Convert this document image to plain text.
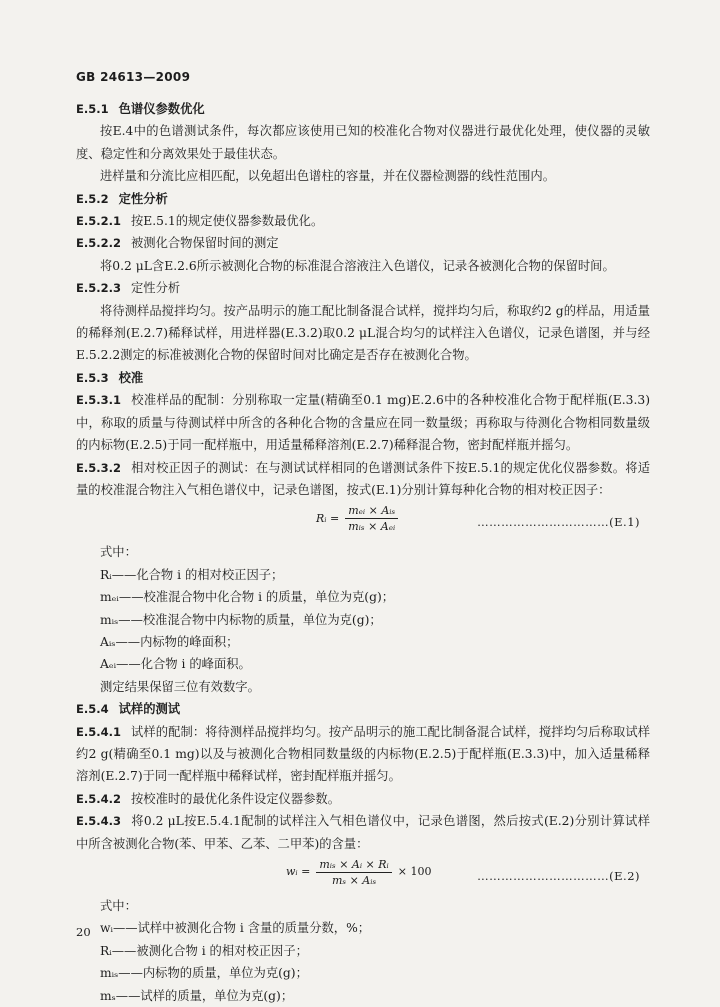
GB 24613—2009
E.5.1 色谱仪参数优化
按E.4中的色谱测试条件，每次都应该使用已知的校准化合物对仪器进行最优化处理，使仪器的灵敏度、稳定性和分离效果处于最佳状态。
进样量和分流比应相匹配，以免超出色谱柱的容量，并在仪器检测器的线性范围内。
E.5.2 定性分析
E.5.2.1 按E.5.1的规定使仪器参数最优化。
E.5.2.2 被测化合物保留时间的测定
将0.2 μL含E.2.6所示被测化合物的标准混合溶液注入色谱仪，记录各被测化合物的保留时间。
E.5.2.3 定性分析
将待测样品搅拌均匀。按产品明示的施工配比制备混合试样，搅拌均匀后，称取约2 g的样品，用适量的稀释剂(E.2.7)稀释试样，用进样器(E.3.2)取0.2 μL混合均匀的试样注入色谱仪，记录色谱图，并与经E.5.2.2测定的标准被测化合物的保留时间对比确定是否存在被测化合物。
E.5.3 校准
E.5.3.1 校准样品的配制：分别称取一定量(精确至0.1 mg)E.2.6中的各种校准化合物于配样瓶(E.3.3)中，称取的质量与待测试样中所含的各种化合物的含量应在同一数量级；再称取与待测化合物相同数量级的内标物(E.2.5)于同一配样瓶中，用适量稀释溶剂(E.2.7)稀释混合物，密封配样瓶并摇匀。
E.5.3.2 相对校正因子的测试：在与测试试样相同的色谱测试条件下按E.5.1的规定优化仪器参数。将适量的校准混合物注入气相色谱仪中，记录色谱图，按式(E.1)分别计算每种化合物的相对校正因子：
Rᵢ = $\frac{\text{mₑᵢ × Aᵢₛ}}{\text{mᵢₛ × Aₑᵢ}}$	……………………………(E.1)
式中：
Rᵢ——化合物 i 的相对校正因子；
mₑᵢ——校准混合物中化合物 i 的质量，单位为克(g)；
mᵢₛ——校准混合物中内标物的质量，单位为克(g)；
Aᵢₛ——内标物的峰面积；
Aₑᵢ——化合物 i 的峰面积。
测定结果保留三位有效数字。
E.5.4 试样的测试
E.5.4.1 试样的配制：将待测样品搅拌均匀。按产品明示的施工配比制备混合试样，搅拌均匀后称取试样约2 g(精确至0.1 mg)以及与被测化合物相同数量级的内标物(E.2.5)于配样瓶(E.3.3)中，加入适量稀释溶剂(E.2.7)于同一配样瓶中稀释试样，密封配样瓶并摇匀。
E.5.4.2 按校准时的最优化条件设定仪器参数。
E.5.4.3 将0.2 μL按E.5.4.1配制的试样注入气相色谱仪中，记录色谱图，然后按式(E.2)分别计算试样中所含被测化合物(苯、甲苯、乙苯、二甲苯)的含量：
wᵢ = $\frac{\text{mᵢₛ × Aᵢ × Rᵢ}}{\text{mₛ × Aᵢₛ}} \times 100$	……………………………(E.2)
式中：
wᵢ——试样中被测化合物 i 含量的质量分数，%；
Rᵢ——被测化合物 i 的相对校正因子；
mᵢₛ——内标物的质量，单位为克(g)；
mₛ——试样的质量，单位为克(g)；
20
